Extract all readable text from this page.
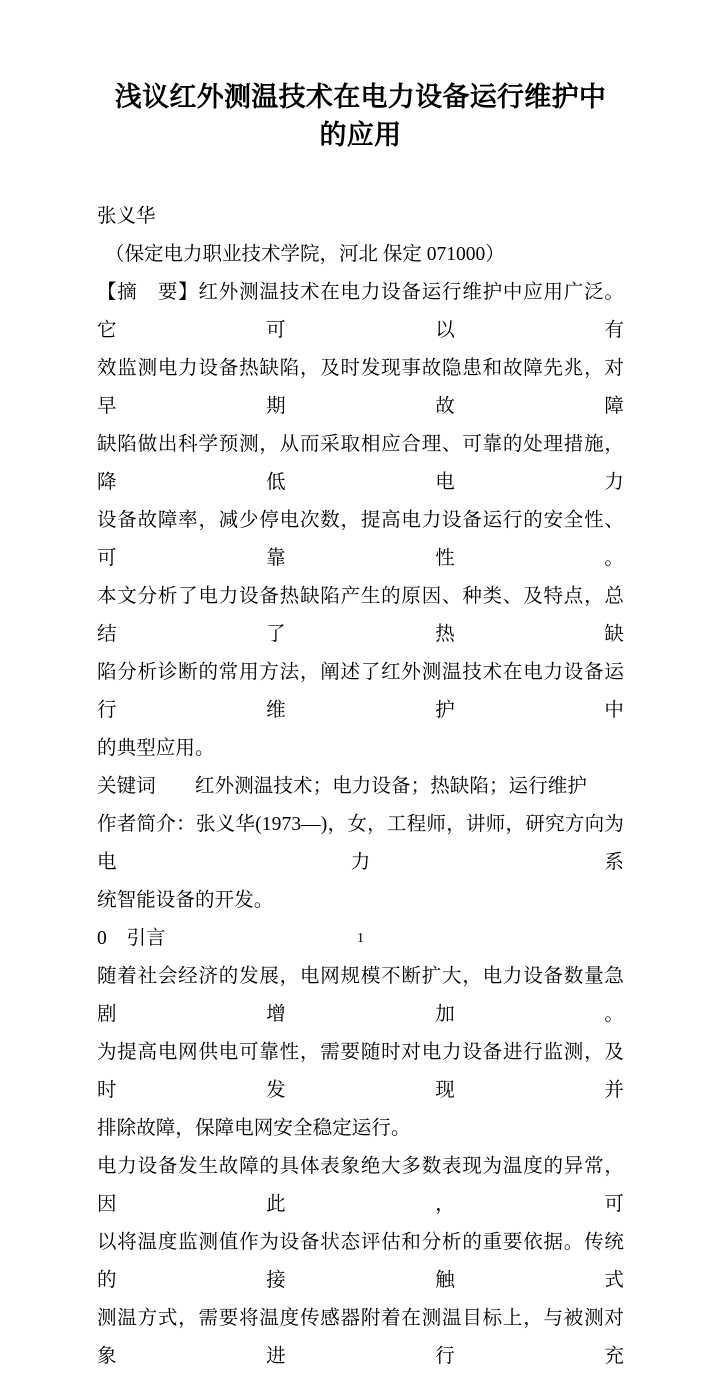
浅议红外测温技术在电力设备运行维护中
的应用
张义华
（保定电力职业技术学院，河北 保定 071000）
【摘　要】红外测温技术在电力设备运行维护中应用广泛。它可以有
效监测电力设备热缺陷，及时发现事故隐患和故障先兆，对早期故障
缺陷做出科学预测，从而采取相应合理、可靠的处理措施，降低电力
设备故障率，减少停电次数，提高电力设备运行的安全性、可靠性。
本文分析了电力设备热缺陷产生的原因、种类、及特点，总结了热缺
陷分析诊断的常用方法，阐述了红外测温技术在电力设备运行维护中
的典型应用。
关键词　　红外测温技术；电力设备；热缺陷；运行维护
作者简介：张义华(1973—)，女，工程师，讲师，研究方向为电力系
统智能设备的开发。
0　引言
随着社会经济的发展，电网规模不断扩大，电力设备数量急剧增加。
为提高电网供电可靠性，需要随时对电力设备进行监测，及时发现并
排除故障，保障电网安全稳定运行。
电力设备发生故障的具体表象绝大多数表现为温度的异常，因此，可
以将温度监测值作为设备状态评估和分析的重要依据。传统的接触式
测温方式，需要将温度传感器附着在测温目标上，与被测对象进行充
1
